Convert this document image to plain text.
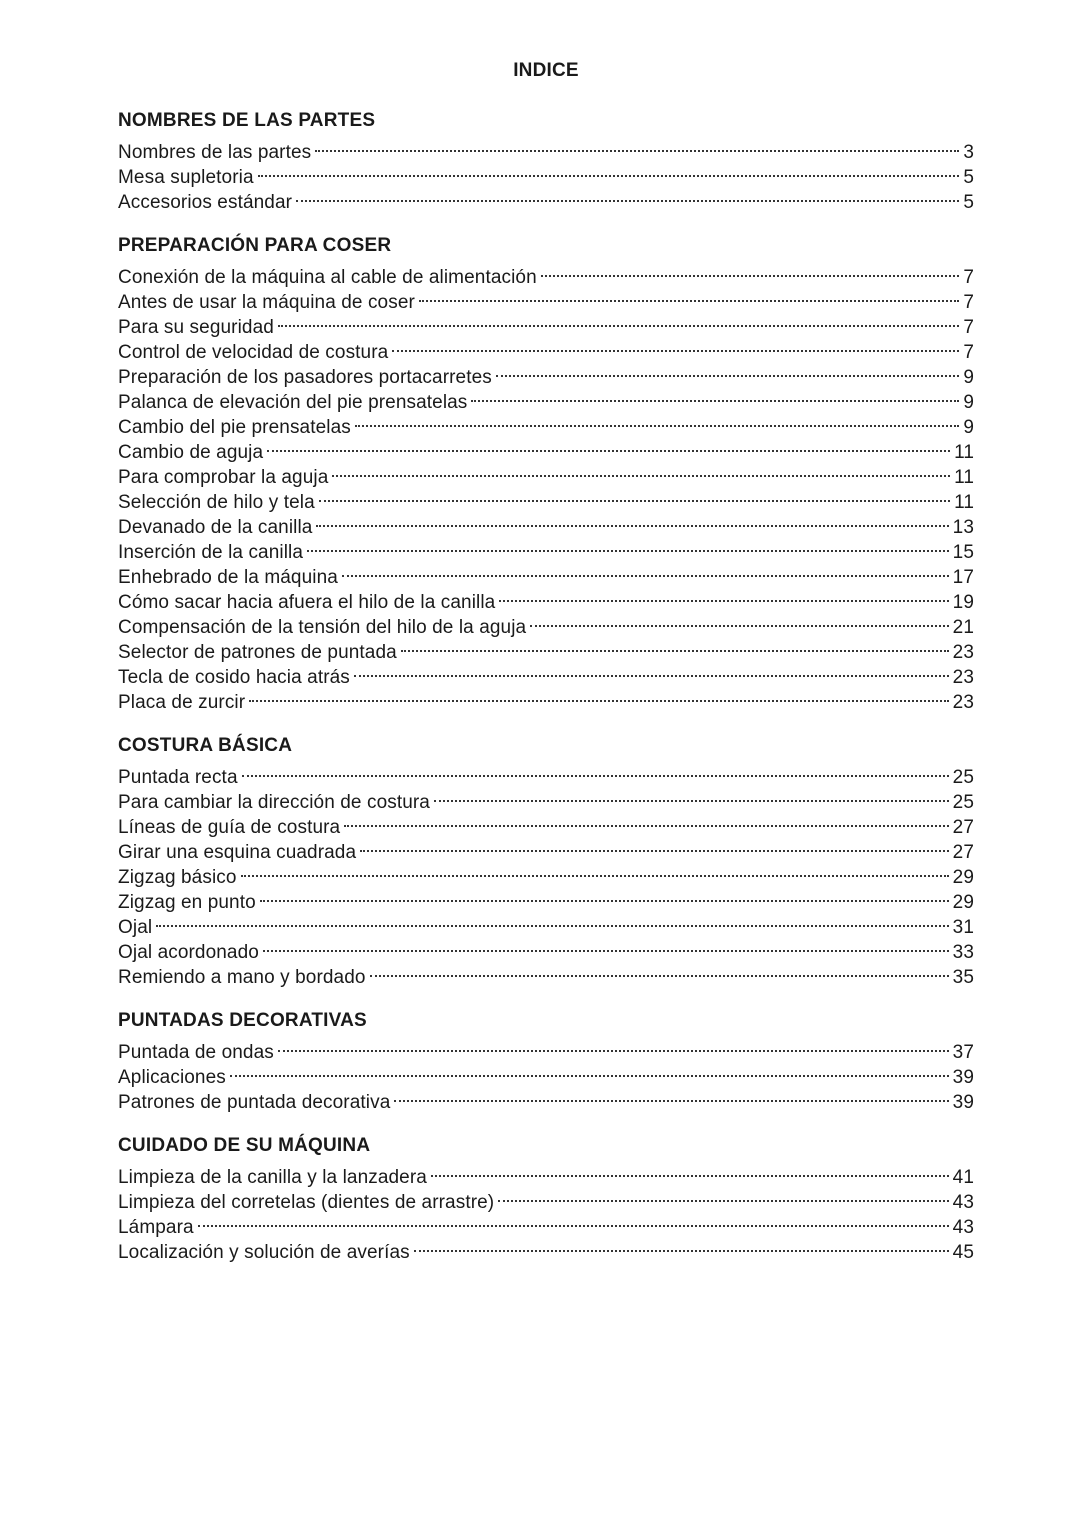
INDICE
NOMBRES DE LAS PARTES
Nombres de las partes	3
Mesa supletoria	5
Accesorios estándar	5
PREPARACIÓN PARA COSER
Conexión de la máquina al cable de alimentación	7
Antes de usar la máquina de coser	7
Para su seguridad	7
Control de velocidad de costura	7
Preparación de los pasadores portacarretes	9
Palanca de elevación del pie prensatelas	9
Cambio del pie prensatelas	9
Cambio de aguja	11
Para comprobar la aguja	11
Selección de hilo y tela	11
Devanado de la canilla	13
Inserción de la canilla	15
Enhebrado de la máquina	17
Cómo sacar hacia afuera el hilo de la canilla	19
Compensación de la tensión del hilo de la aguja	21
Selector de patrones de puntada	23
Tecla de cosido hacia atrás	23
Placa de zurcir	23
COSTURA BÁSICA
Puntada recta	25
Para cambiar la dirección de costura	25
Líneas de guía de costura	27
Girar una esquina cuadrada	27
Zigzag básico	29
Zigzag en punto	29
Ojal	31
Ojal acordonado	33
Remiendo a mano y bordado	35
PUNTADAS DECORATIVAS
Puntada de ondas	37
Aplicaciones	39
Patrones de puntada decorativa	39
CUIDADO DE SU MÁQUINA
Limpieza de la canilla y la lanzadera	41
Limpieza del corretelas (dientes de arrastre)	43
Lámpara	43
Localización y solución de averías	45
